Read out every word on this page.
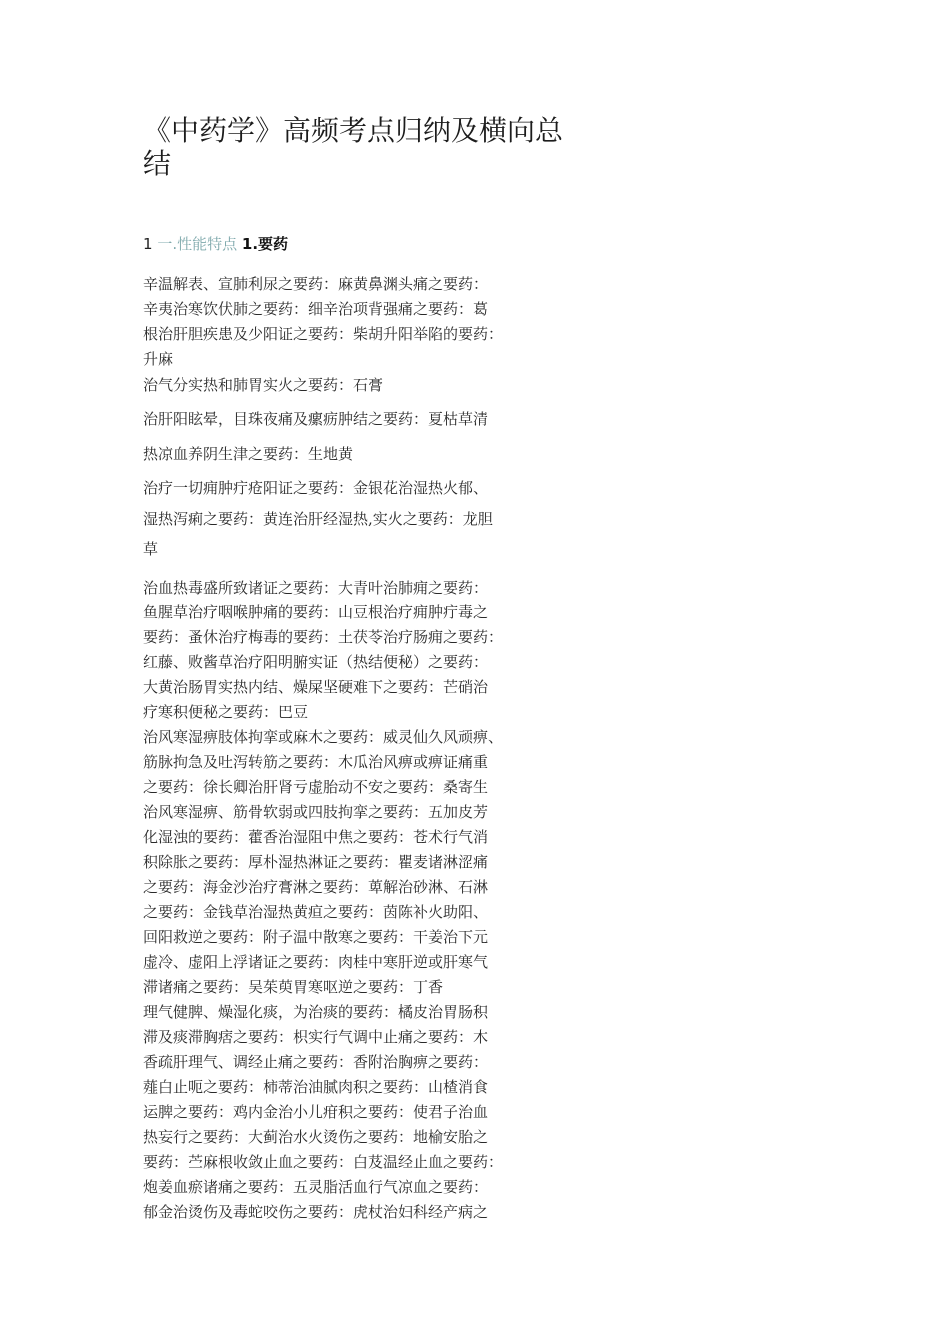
《中药学》高频考点归纳及横向总结
1 一.性能特点 1.要药
辛温解表、宣肺利尿之要药：麻黄鼻渊头痛之要药：
辛夷治寒饮伏肺之要药：细辛治项背强痛之要药：葛
根治肝胆疾患及少阳证之要药：柴胡升阳举陷的要药：
升麻
治气分实热和肺胃实火之要药：石膏
治肝阳眩晕，目珠夜痛及瘰疬肿结之要药：夏枯草清
热凉血养阴生津之要药：生地黄
治疗一切痈肿疔疮阳证之要药：金银花治湿热火郁、
湿热泻痢之要药：黄连治肝经湿热,实火之要药：龙胆
草
治血热毒盛所致诸证之要药：大青叶治肺痈之要药：
鱼腥草治疗咽喉肿痛的要药：山豆根治疗痈肿疔毒之
要药：蚤休治疗梅毒的要药：土茯苓治疗肠痈之要药：
红藤、败酱草治疗阳明腑实证（热结便秘）之要药：
大黄治肠胃实热内结、燥屎坚硬难下之要药：芒硝治
疗寒积便秘之要药：巴豆
治风寒湿痹肢体拘挛或麻木之要药：威灵仙久风顽痹、
筋脉拘急及吐泻转筋之要药：木瓜治风痹或痹证痛重
之要药：徐长卿治肝肾亏虚胎动不安之要药：桑寄生
治风寒湿痹、筋骨软弱或四肢拘挛之要药：五加皮芳
化湿浊的要药：藿香治湿阻中焦之要药：苍术行气消
积除胀之要药：厚朴湿热淋证之要药：瞿麦诸淋涩痛
之要药：海金沙治疗膏淋之要药：萆解治砂淋、石淋
之要药：金钱草治湿热黄疸之要药：茵陈补火助阳、
回阳救逆之要药：附子温中散寒之要药：干姜治下元
虚冷、虚阳上浮诸证之要药：肉桂中寒肝逆或肝寒气
滞诸痛之要药：吴茱萸胃寒呕逆之要药：丁香
理气健脾、燥湿化痰，为治痰的要药：橘皮治胃肠积
滞及痰滞胸痞之要药：枳实行气调中止痛之要药：木
香疏肝理气、调经止痛之要药：香附治胸痹之要药：
薤白止呃之要药：柿蒂治油腻肉积之要药：山楂消食
运脾之要药：鸡内金治小儿疳积之要药：使君子治血
热妄行之要药：大蓟治水火烫伤之要药：地榆安胎之
要药：苎麻根收敛止血之要药：白芨温经止血之要药：
炮姜血瘀诸痛之要药：五灵脂活血行气凉血之要药：
郁金治烫伤及毒蛇咬伤之要药：虎杖治妇科经产病之
